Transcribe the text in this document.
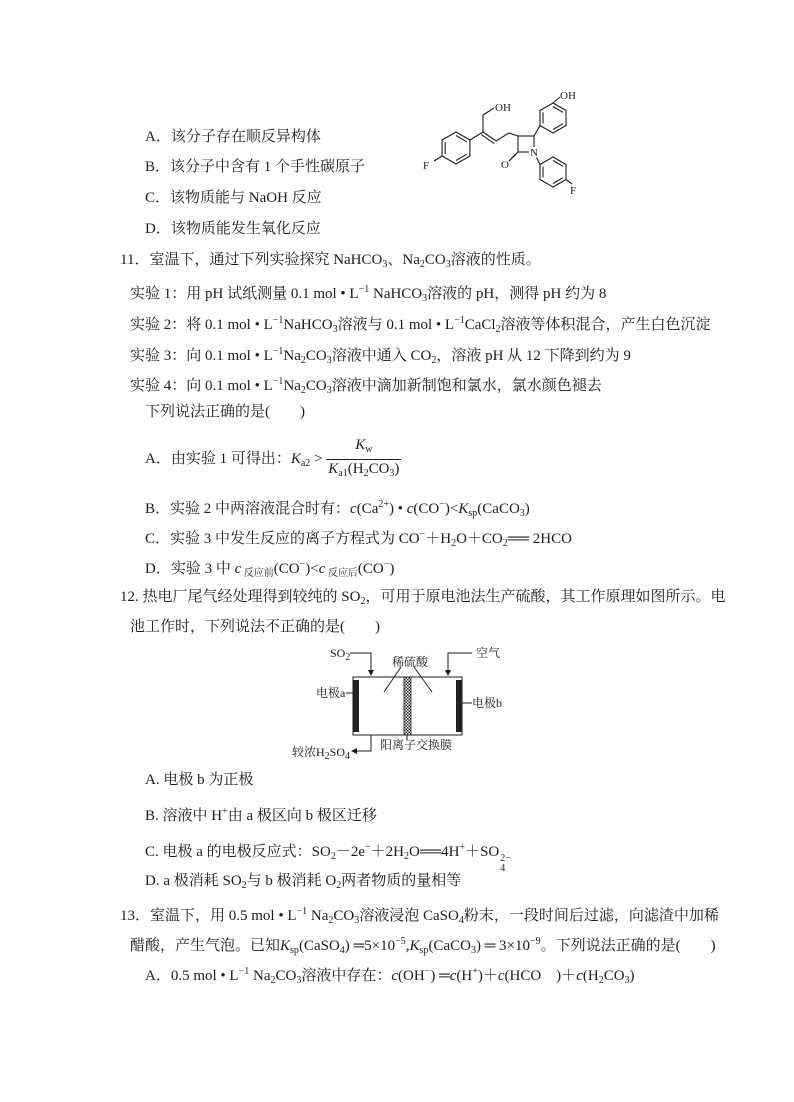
A．该分子存在顺反异构体
B．该分子中含有 1 个手性碳原子
C．该物质能与 NaOH 反应
D．该物质能发生氧化反应
F
OH
OH
O
N
F
11．室温下，通过下列实验探究 NaHCO$_3$、$Na_2CO_3$溶液的性质。
实验 1：用 pH 试纸测量 0.1 mol • $L^{-1}$ NaHCO$_3$溶液的 pH，测得 pH 约为 8
实验 2：将 0.1 mol • $L^{-1}NaHCO_3$溶液与 0.1 mol • $L^{-1}CaCl_2$溶液等体积混合，产生白色沉淀
实验 3：向 0.1 mol • $L^{-1}Na_2CO_3$溶液中通入 $CO_2$，溶液 pH 从 12 下降到约为 9
实验 4：向 0.1 mol • $L^{-1}Na_2CO_3$溶液中滴加新制饱和氯水，氯水颜色褪去
下列说法正确的是(　　)
A．由实验 1 可得出：$K_{a2} > \frac{K_w}{K_{a1}(H_2CO_3)}$
B．实验 2 中两溶液混合时有：$c(Ca^{2+})$ • $c(CO^-)<K_{sp}(CaCO_3)$
C．实验 3 中发生反应的离子方程式为 $CO^-+H_2O+CO_2══$ 2HCO
D．实验 3 中 c $_{反应前}$(CO−)<c $_{反应后}$(CO−)
12. 热电厂尾气经处理得到较纯的 $SO_2$，可用于原电池法生产硫酸，其工作原理如图所示。电
池工作时，下列说法不正确的是(　　)
$SO_2$	稀硫酸
空气
电极a
电极b
阳离子交换膜
较浓$H_2SO_4$
A. 电极 b 为正极
B. 溶液中 H+由 a 极区向 b 极区迁移
C. 电极 a 的电极反应式：$SO_2-2e^-+2H_2O══4H^++SO$ 2−
4
D. a 极消耗 $SO_2$与 b 极消耗 $O_2$两者物质的量相等
13．室温下，用 0.5 mol • $L^{-1}$ $Na_2CO_3$溶液浸泡 CaSO$_4$粉末，一段时间后过滤，向滤渣中加稀
醋酸，产生气泡。已知$K_{sp}(CaSO_4)$ $═5\times 10^{-5},K_{sp}(CaCO_3)$ ═ $3\times 10^{-9}$。下列说法正确的是(　　)
A．0.5 mol • $L^{-1}$ $Na_2CO_3$溶液中存在：c(OH−) ═c(H+)＋c(HCO　)$+c(H_2CO_3)$
